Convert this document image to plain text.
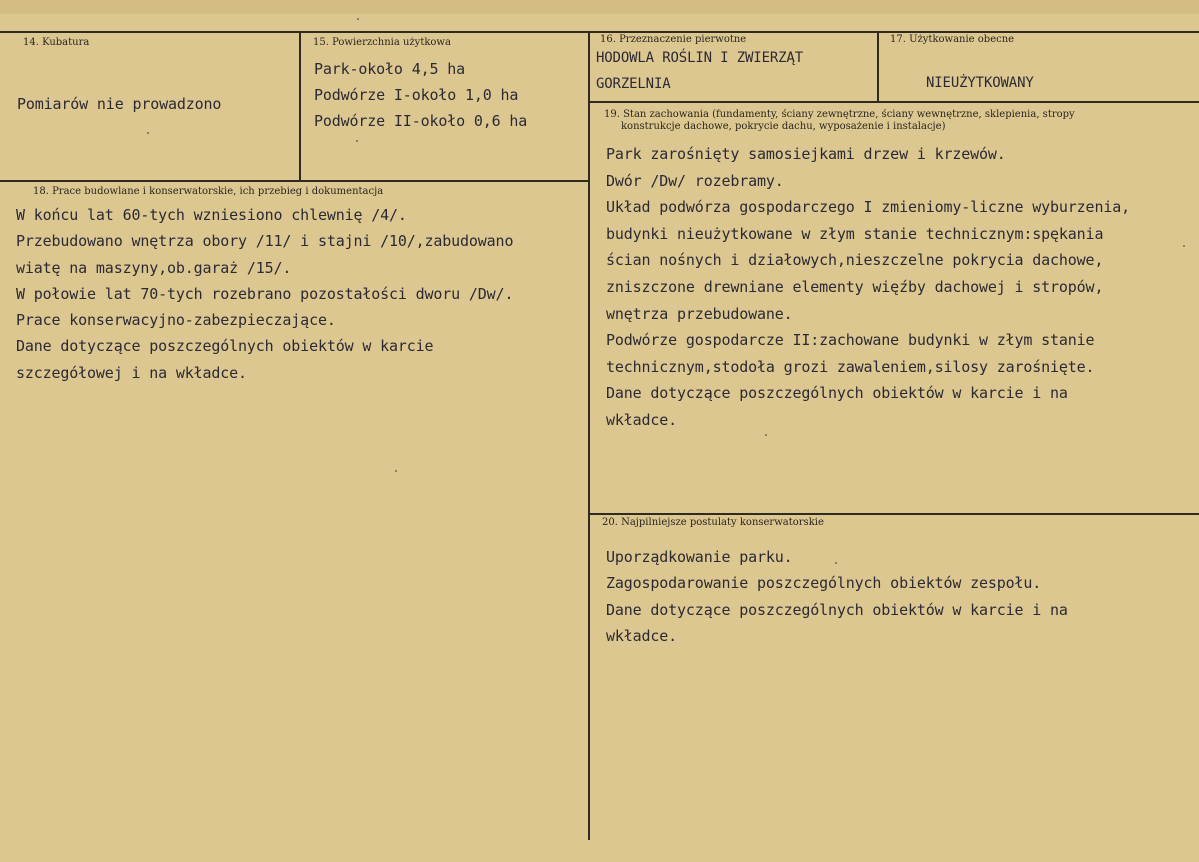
14. Kubatura
Pomiarów nie prowadzono
15. Powierzchnia użytkowa
Park-około 4,5 ha
Podwórze I-około 1,0 ha
Podwórze II-około 0,6 ha
16. Przeznaczenie pierwotne
HODOWLA ROŚLIN I ZWIERZĄT
GORZELNIA
17. Użytkowanie obecne
NIEUŻYTKOWANY
18. Prace budowlane i konserwatorskie, ich przebieg i dokumentacja
W końcu lat 60-tych wzniesiono chlewnię /4/.
Przebudowano wnętrza obory /11/ i stajni /10/,zabudowano
wiatę na maszyny,ob.garaż /15/.
W połowie lat 70-tych rozebrano pozostałości dworu /Dw/.
Prace konserwacyjno-zabezpieczające.
Dane dotyczące poszczególnych obiektów w karcie
szczegółowej i na wkładce.
19. Stan zachowania (fundamenty, ściany zewnętrzne, ściany wewnętrzne, sklepienia, stropy
konstrukcje dachowe, pokrycie dachu, wyposażenie i instalacje)
Park zarośnięty samosiejkami drzew i krzewów.
Dwór /Dw/ rozebramy.
Układ podwórza gospodarczego I zmieniomy-liczne wyburzenia,
budynki nieużytkowane w złym stanie technicznym:spękania
ścian nośnych i działowych,nieszczelne pokrycia dachowe,
zniszczone drewniane elementy więźby dachowej i stropów,
wnętrza przebudowane.
Podwórze gospodarcze II:zachowane budynki w złym stanie
technicznym,stodoła grozi zawaleniem,silosy zarośnięte.
Dane dotyczące poszczególnych obiektów w karcie i na
wkładce.
20. Najpilniejsze postulaty konserwatorskie
Uporządkowanie parku.
Zagospodarowanie poszczególnych obiektów zespołu.
Dane dotyczące poszczególnych obiektów w karcie i na
wkładce.
